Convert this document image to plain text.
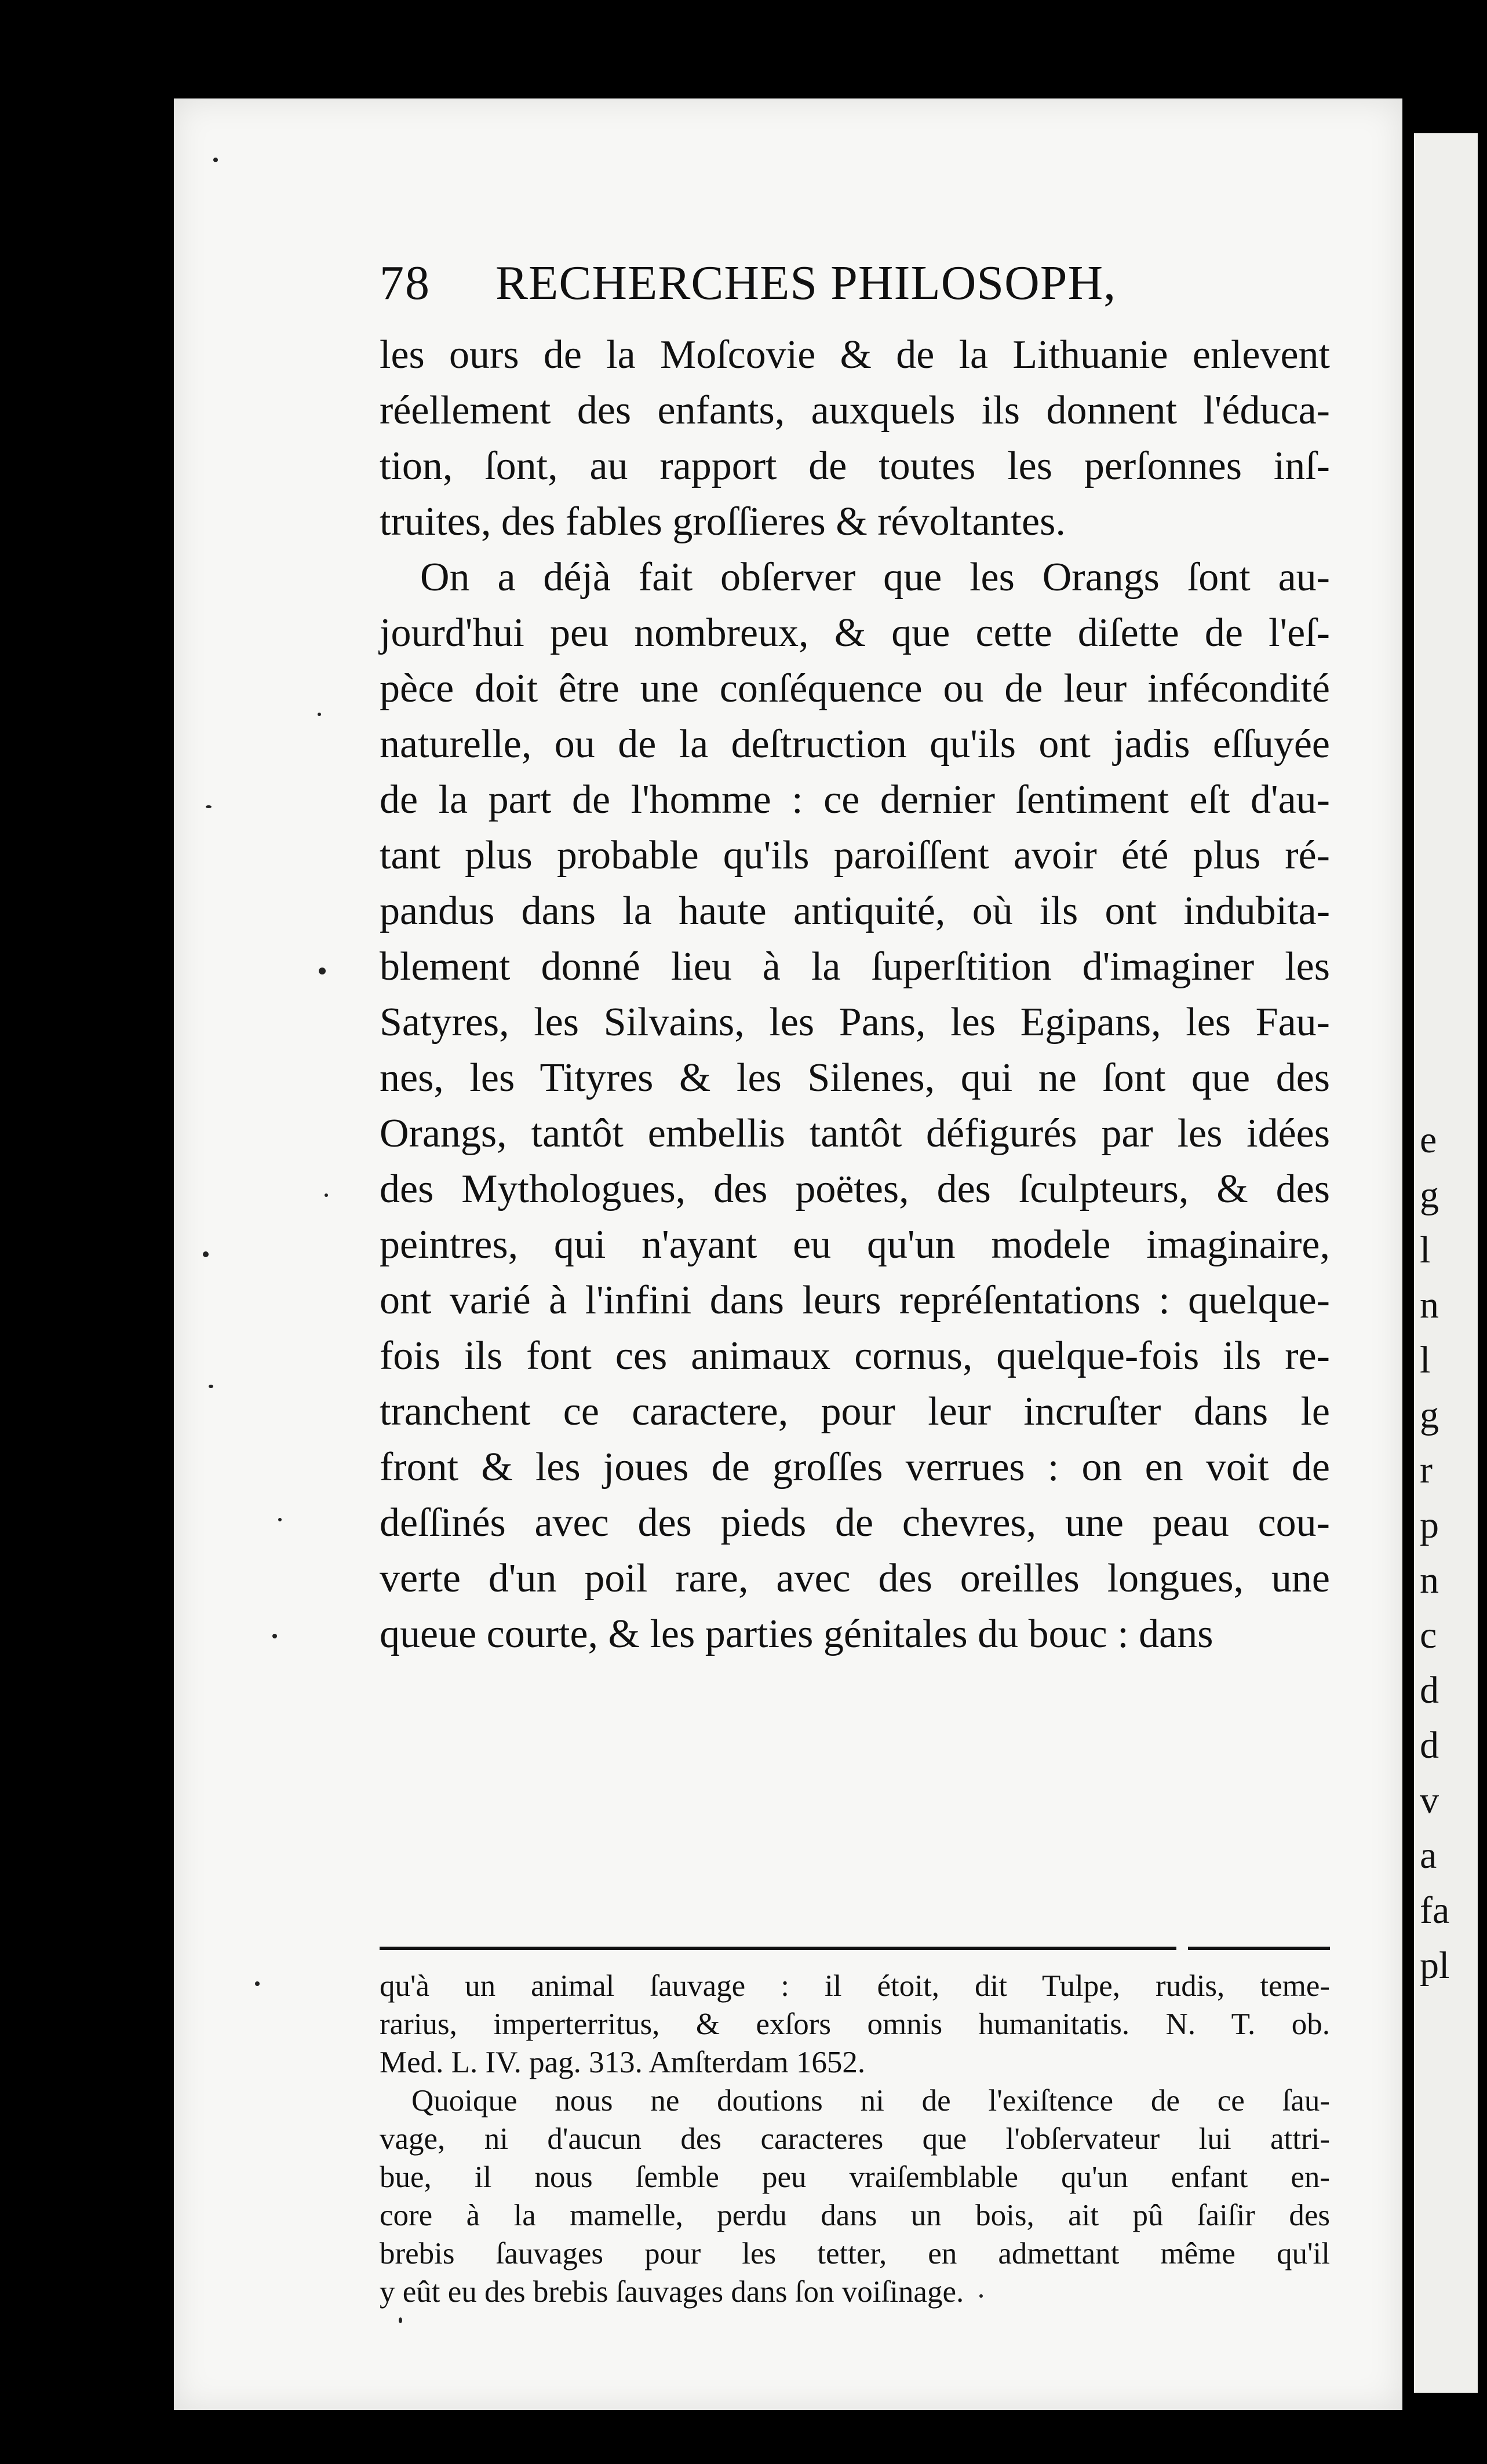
e
g
l
n
l
g
r
p
n
c
d
d
v
a
fa
pl
78 RECHERCHES PHILOSOPH,
les ours de la Moſcovie & de la Lithuanie enlevent
réellement des enfants, auxquels ils donnent l'éduca-
tion, ſont, au rapport de toutes les perſonnes inſ-
truites, des fables groſſieres & révoltantes.
On a déjà fait obſerver que les Orangs ſont au-
jourd'hui peu nombreux, & que cette diſette de l'eſ-
pèce doit être une conſéquence ou de leur infécondité
naturelle, ou de la deſtruction qu'ils ont jadis eſſuyée
de la part de l'homme : ce dernier ſentiment eſt d'au-
tant plus probable qu'ils paroiſſent avoir été plus ré-
pandus dans la haute antiquité, où ils ont indubita-
blement donné lieu à la ſuperſtition d'imaginer les
Satyres, les Silvains, les Pans, les Egipans, les Fau-
nes, les Tityres & les Silenes, qui ne ſont que des
Orangs, tantôt embellis tantôt défigurés par les idées
des Mythologues, des poëtes, des ſculpteurs, & des
peintres, qui n'ayant eu qu'un modele imaginaire,
ont varié à l'infini dans leurs repréſentations : quelque-
fois ils font ces animaux cornus, quelque-fois ils re-
tranchent ce caractere, pour leur incruſter dans le
front & les joues de groſſes verrues : on en voit de
deſſinés avec des pieds de chevres, une peau cou-
verte d'un poil rare, avec des oreilles longues, une
queue courte, & les parties génitales du bouc : dans
qu'à un animal ſauvage : il étoit, dit Tulpe, rudis, teme-
rarius, imperterritus, & exſors omnis humanitatis. N. T. ob.
Med. L. IV. pag. 313. Amſterdam 1652.
Quoique nous ne doutions ni de l'exiſtence de ce ſau-
vage, ni d'aucun des caracteres que l'obſervateur lui attri-
bue, il nous ſemble peu vraiſemblable qu'un enfant en-
core à la mamelle, perdu dans un bois, ait pû ſaiſir des
brebis ſauvages pour les tetter, en admettant même qu'il
y eût eu des brebis ſauvages dans ſon voiſinage.
